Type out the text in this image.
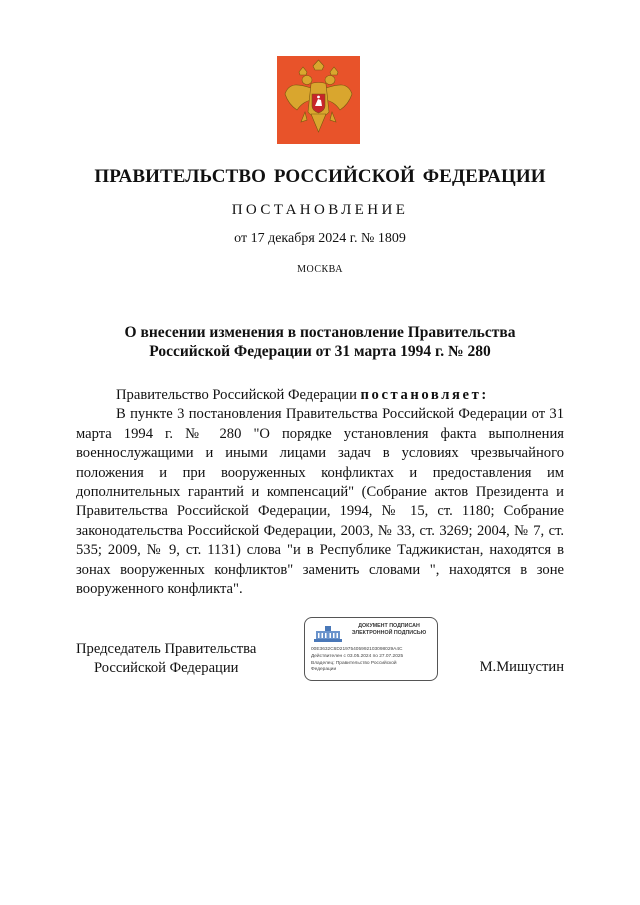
ПРАВИТЕЛЬСТВО РОССИЙСКОЙ ФЕДЕРАЦИИ
ПОСТАНОВЛЕНИЕ
от 17 декабря 2024 г. № 1809
МОСКВА
О внесении изменения в постановление Правительства
Российской Федерации от 31 марта 1994 г. № 280

Правительство Российской Федерации постановляет:

В пункте 3 постановления Правительства Российской Федерации от 31 марта 1994 г. № 280 "О порядке установления факта выполнения военнослужащими и иными лицами задач в условиях чрезвычайного положения и при вооруженных конфликтах и предоставления им дополнительных гарантий и компенсаций" (Собрание актов Президента и Правительства Российской Федерации, 1994, № 15, ст. 1180; Собрание законодательства Российской Федерации, 2003, № 33, ст. 3269; 2004, № 7, ст. 535; 2009, № 9, ст. 1131) слова "и в Республике Таджикистан, находятся в зонах вооруженных конфликтов" заменить словами ", находятся в зоне вооруженного конфликта".

Председатель Правительства
Российской Федерации
ДОКУМЕНТ ПОДПИСАН
ЭЛЕКТРОННОЙ ПОДПИСЬЮ
00E3632C6D21975405992103098029A4C
Действителен с 03.05.2024 по 27.07.2025
Владелец: Правительство Российской
Федерации	М.Мишустин
